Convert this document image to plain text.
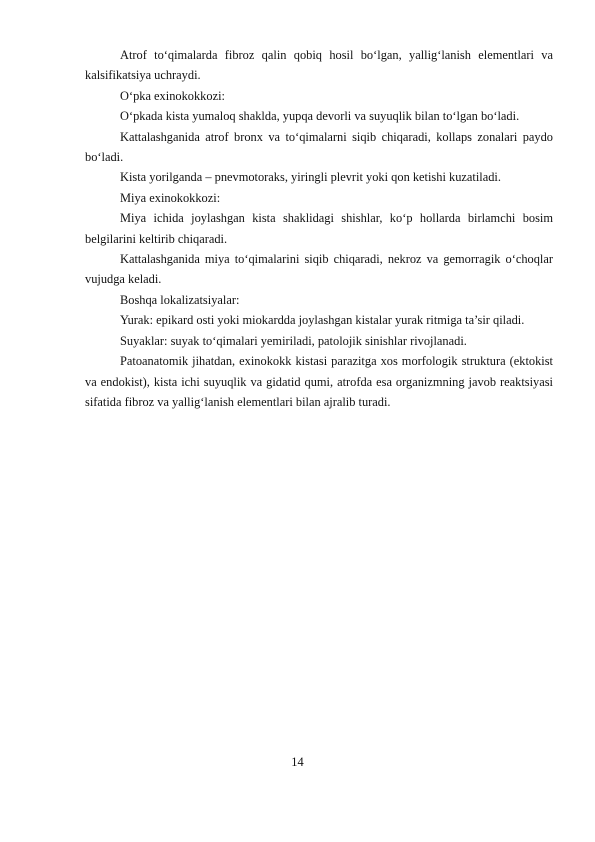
Atrof to‘qimalarda fibroz qalin qobiq hosil bo‘lgan, yallig‘lanish elementlari va kalsifikatsiya uchraydi.

O‘pka exinokokkozi:

O‘pkada kista yumaloq shaklda, yupqa devorli va suyuqlik bilan to‘lgan bo‘ladi.

Kattalashganida atrof bronx va to‘qimalarni siqib chiqaradi, kollaps zonalari paydo bo‘ladi.

Kista yorilganda – pnevmotoraks, yiringli plevrit yoki qon ketishi kuzatiladi.

Miya exinokokkozi:

Miya ichida joylashgan kista shaklidagi shishlar, ko‘p hollarda birlamchi bosim belgilarini keltirib chiqaradi.

Kattalashganida miya to‘qimalarini siqib chiqaradi, nekroz va gemorragik o‘choqlar vujudga keladi.

Boshqa lokalizatsiyalar:

Yurak: epikard osti yoki miokardda joylashgan kistalar yurak ritmiga ta’sir qiladi.

Suyaklar: suyak to‘qimalari yemiriladi, patolojik sinishlar rivojlanadi.

Patoanatomik jihatdan, exinokokk kistasi parazitga xos morfologik struktura (ektokist va endokist), kista ichi suyuqlik va gidatid qumi, atrofda esa organizmning javob reaktsiyasi sifatida fibroz va yallig‘lanish elementlari bilan ajralib turadi.

14
